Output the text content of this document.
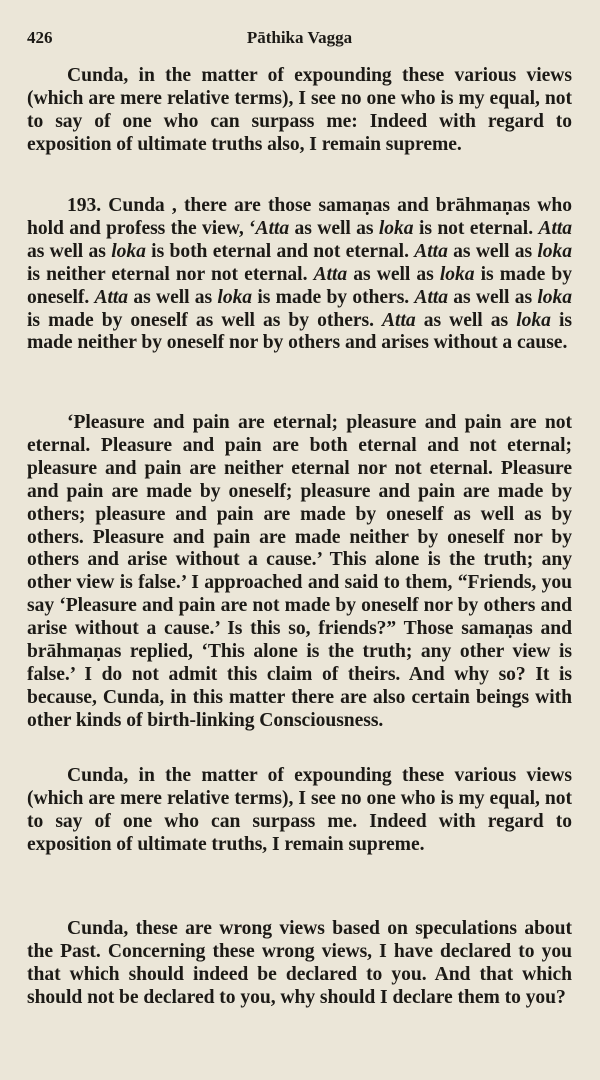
426	Pāthika Vagga

Cunda, in the matter of expounding these various views (which are mere relative terms), I see no one who is my equal, not to say of one who can surpass me: Indeed with regard to exposition of ultimate truths also, I remain supreme.

193. Cunda , there are those samaṇas and brāhmaṇas who hold and profess the view, ‘Atta as well as loka is not eternal. Atta as well as loka is both eternal and not eternal. Atta as well as loka is neither eternal nor not eternal. Atta as well as loka is made by oneself. Atta as well as loka is made by others. Atta as well as loka is made by oneself as well as by others. Atta as well as loka is made neither by oneself nor by others and arises without a cause.

‘Pleasure and pain are eternal; pleasure and pain are not eternal. Pleasure and pain are both eternal and not eternal; pleasure and pain are neither eternal nor not eternal. Pleasure and pain are made by oneself; pleasure and pain are made by others; pleasure and pain are made by oneself as well as by others. Pleasure and pain are made neither by oneself nor by others and arise without a cause.’ This alone is the truth; any other view is false.’ I approached and said to them, “Friends, you say ‘Pleasure and pain are not made by oneself nor by others and arise without a cause.’ Is this so, friends?” Those samaṇas and brāhmaṇas replied, ‘This alone is the truth; any other view is false.’ I do not admit this claim of theirs. And why so? It is because, Cunda, in this matter there are also certain beings with other kinds of birth-linking Consciousness.

Cunda, in the matter of expounding these various views (which are mere relative terms), I see no one who is my equal, not to say of one who can surpass me. Indeed with regard to exposition of ultimate truths, I remain supreme.

Cunda, these are wrong views based on speculations about the Past. Concerning these wrong views, I have declared to you that which should indeed be declared to you. And that which should not be declared to you, why should I declare them to you?
